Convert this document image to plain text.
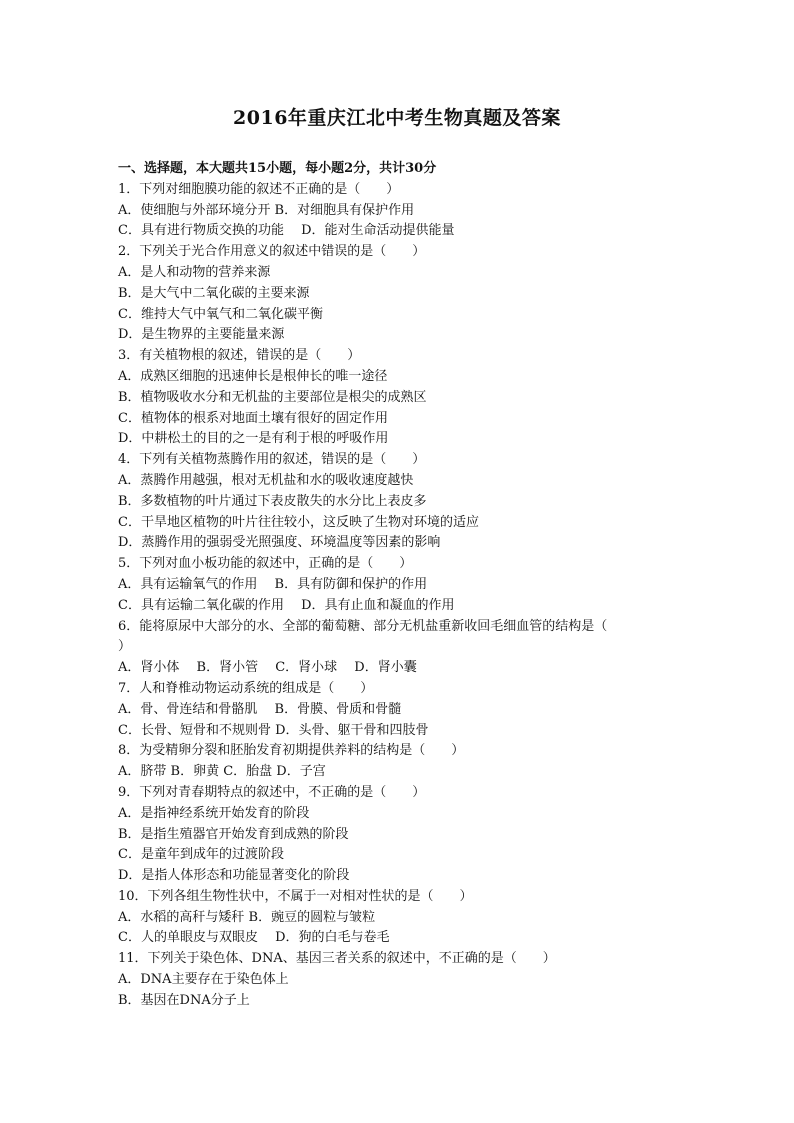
2016年重庆江北中考生物真题及答案
一、选择题，本大题共15小题，每小题2分，共计30分
1．下列对细胞膜功能的叙述不正确的是（　　）
A．使细胞与外部环境分开 B．对细胞具有保护作用
C．具有进行物质交换的功能　 D．能对生命活动提供能量
2．下列关于光合作用意义的叙述中错误的是（　　）
A．是人和动物的营养来源
B．是大气中二氧化碳的主要来源
C．维持大气中氧气和二氧化碳平衡
D．是生物界的主要能量来源
3．有关植物根的叙述，错误的是（　　）
A．成熟区细胞的迅速伸长是根伸长的唯一途径
B．植物吸收水分和无机盐的主要部位是根尖的成熟区
C．植物体的根系对地面土壤有很好的固定作用
D．中耕松土的目的之一是有利于根的呼吸作用
4．下列有关植物蒸腾作用的叙述，错误的是（　　）
A．蒸腾作用越强，根对无机盐和水的吸收速度越快
B．多数植物的叶片通过下表皮散失的水分比上表皮多
C．干旱地区植物的叶片往往较小，这反映了生物对环境的适应
D．蒸腾作用的强弱受光照强度、环境温度等因素的影响
5．下列对血小板功能的叙述中，正确的是（　　）
A．具有运输氧气的作用　 B．具有防御和保护的作用
C．具有运输二氧化碳的作用　 D．具有止血和凝血的作用
6．能将原尿中大部分的水、全部的葡萄糖、部分无机盐重新收回毛细血管的结构是（
）
A．肾小体　 B．肾小管　 C．肾小球　 D．肾小囊
7．人和脊椎动物运动系统的组成是（　　）
A．骨、骨连结和骨骼肌　 B．骨膜、骨质和骨髓
C．长骨、短骨和不规则骨 D．头骨、躯干骨和四肢骨
8．为受精卵分裂和胚胎发育初期提供养料的结构是（　　）
A．脐带 B．卵黄 C．胎盘 D．子宫
9．下列对青春期特点的叙述中，不正确的是（　　）
A．是指神经系统开始发育的阶段
B．是指生殖器官开始发育到成熟的阶段
C．是童年到成年的过渡阶段
D．是指人体形态和功能显著变化的阶段
10．下列各组生物性状中，不属于一对相对性状的是（　　）
A．水稻的高秆与矮秆 B．豌豆的圆粒与皱粒
C．人的单眼皮与双眼皮　 D．狗的白毛与卷毛
11．下列关于染色体、DNA、基因三者关系的叙述中，不正确的是（　　）
A．DNA主要存在于染色体上
B．基因在DNA分子上
